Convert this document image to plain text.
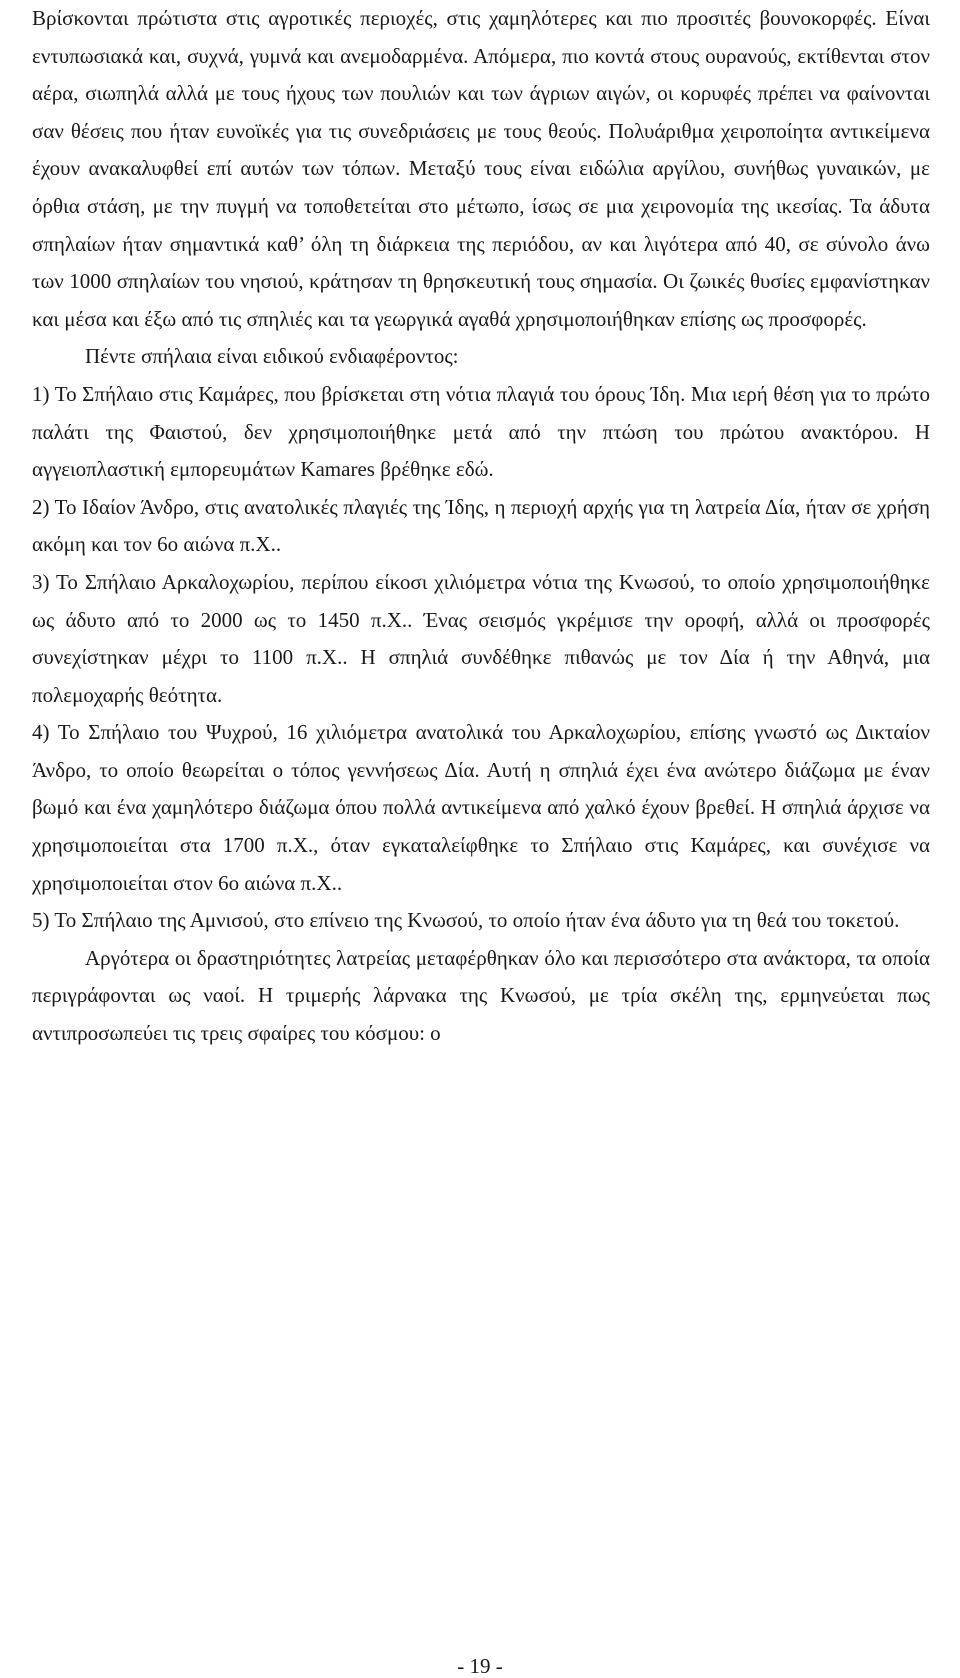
Βρίσκονται πρώτιστα στις αγροτικές περιοχές, στις χαμηλότερες και πιο προσιτές βουνοκορφές. Είναι εντυπωσιακά και, συχνά, γυμνά και ανεμοδαρμένα. Απόμερα, πιο κοντά στους ουρανούς, εκτίθενται στον αέρα, σιωπηλά αλλά με τους ήχους των πουλιών και των άγριων αιγών, οι κορυφές πρέπει να φαίνονται σαν θέσεις που ήταν ευνοϊκές για τις συνεδριάσεις με τους θεούς. Πολυάριθμα χειροποίητα αντικείμενα έχουν ανακαλυφθεί επί αυτών των τόπων. Μεταξύ τους είναι ειδώλια αργίλου, συνήθως γυναικών, με όρθια στάση, με την πυγμή να τοποθετείται στο μέτωπο, ίσως σε μια χειρονομία της ικεσίας. Τα άδυτα σπηλαίων ήταν σημαντικά καθ’ όλη τη διάρκεια της περιόδου, αν και λιγότερα από 40, σε σύνολο άνω των 1000 σπηλαίων του νησιού, κράτησαν τη θρησκευτική τους σημασία. Οι ζωικές θυσίες εμφανίστηκαν και μέσα και έξω από τις σπηλιές και τα γεωργικά αγαθά χρησιμοποιήθηκαν επίσης ως προσφορές.

Πέντε σπήλαια είναι ειδικού ενδιαφέροντος:

1) Το Σπήλαιο στις Καμάρες, που βρίσκεται στη νότια πλαγιά του όρους Ίδη. Μια ιερή θέση για το πρώτο παλάτι της Φαιστού, δεν χρησιμοποιήθηκε μετά από την πτώση του πρώτου ανακτόρου. Η αγγειοπλαστική εμπορευμάτων Kamares βρέθηκε εδώ.

2) Το Ιδαίον Άνδρο, στις ανατολικές πλαγιές της Ίδης, η περιοχή αρχής για τη λατρεία Δία, ήταν σε χρήση ακόμη και τον 6ο αιώνα π.Χ..

3) Το Σπήλαιο Αρκαλοχωρίου, περίπου είκοσι χιλιόμετρα νότια της Κνωσού, το οποίο χρησιμοποιήθηκε ως άδυτο από το 2000 ως το 1450 π.Χ.. Ένας σεισμός γκρέμισε την οροφή, αλλά οι προσφορές συνεχίστηκαν μέχρι το 1100 π.Χ.. Η σπηλιά συνδέθηκε πιθανώς με τον Δία ή την Αθηνά, μια πολεμοχαρής θεότητα.

4) Το Σπήλαιο του Ψυχρού, 16 χιλιόμετρα ανατολικά του Αρκαλοχωρίου, επίσης γνωστό ως Δικταίον Άνδρο, το οποίο θεωρείται ο τόπος γεννήσεως Δία. Αυτή η σπηλιά έχει ένα ανώτερο διάζωμα με έναν βωμό και ένα χαμηλότερο διάζωμα όπου πολλά αντικείμενα από χαλκό έχουν βρεθεί. Η σπηλιά άρχισε να χρησιμοποιείται στα 1700 π.Χ., όταν εγκαταλείφθηκε το Σπήλαιο στις Καμάρες, και συνέχισε να χρησιμοποιείται στον 6ο αιώνα π.Χ..

5) Το Σπήλαιο της Αμνισού, στο επίνειο της Κνωσού, το οποίο ήταν ένα άδυτο για τη θεά του τοκετού.

Αργότερα οι δραστηριότητες λατρείας μεταφέρθηκαν όλο και περισσότερο στα ανάκτορα, τα οποία περιγράφονται ως ναοί. Η τριμερής λάρνακα της Κνωσού, με τρία σκέλη της, ερμηνεύεται πως αντιπροσωπεύει τις τρεις σφαίρες του κόσμου: ο

- 19 -
